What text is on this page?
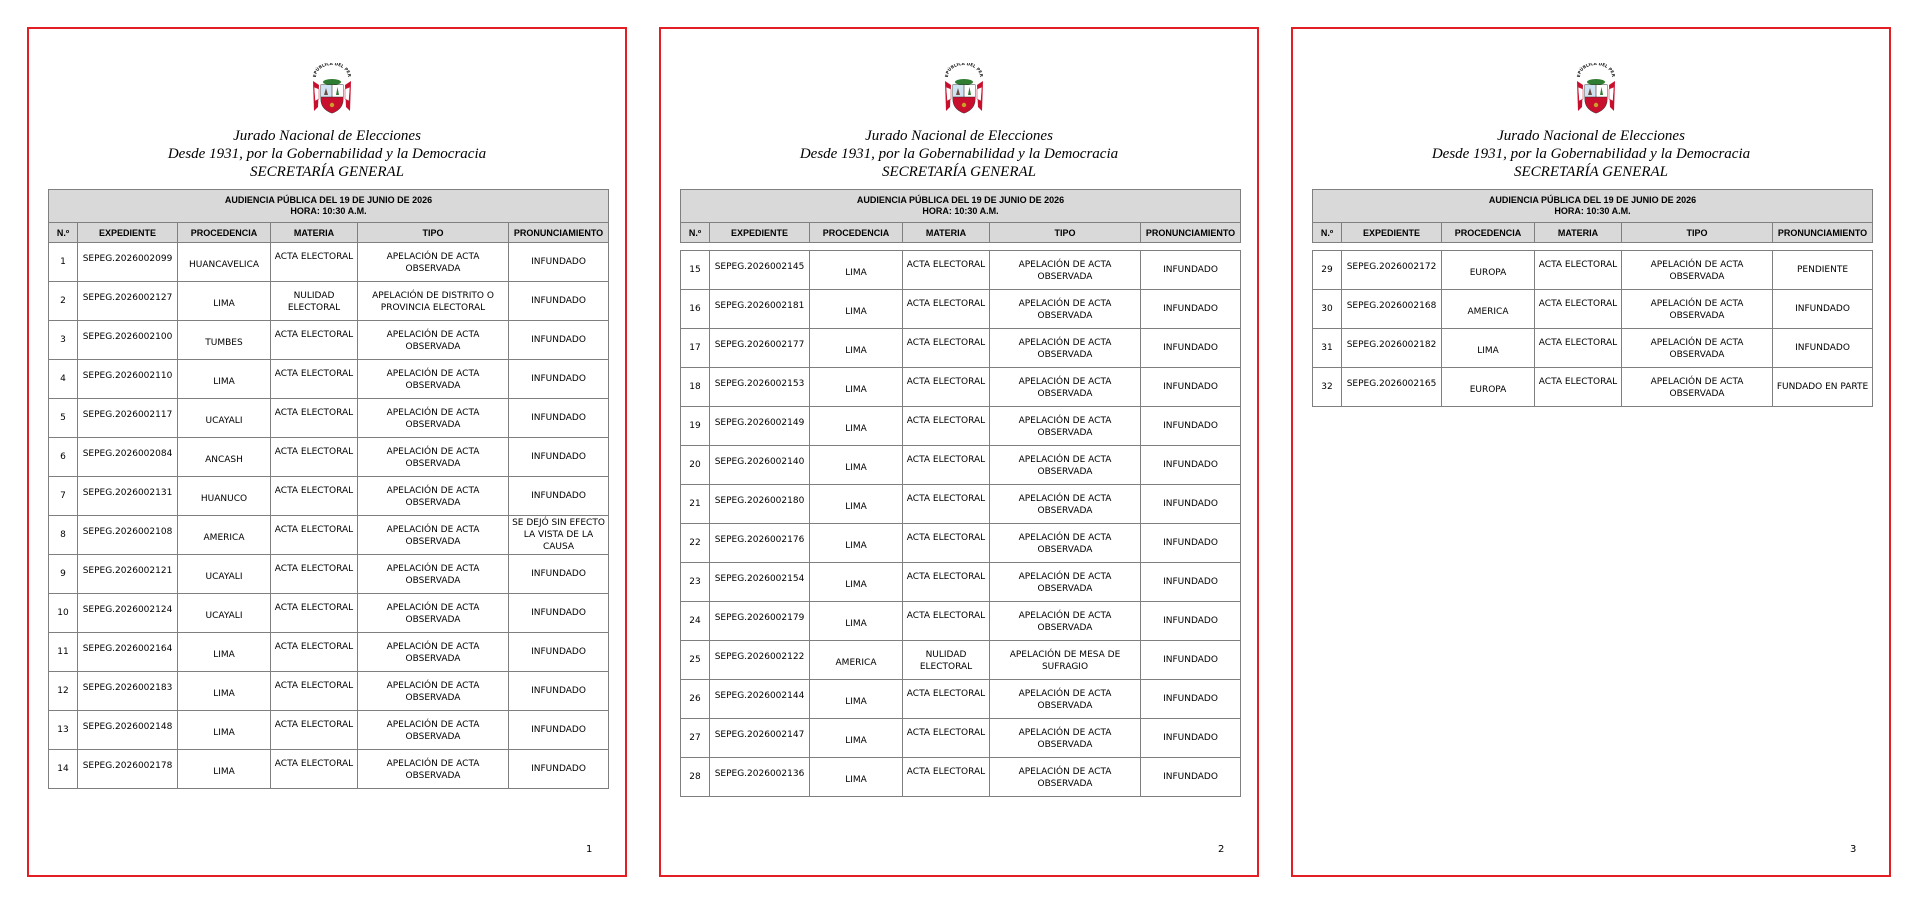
EPÚBLICA DEL PER
Jurado Nacional de Elecciones
Desde 1931, por la Gobernabilidad y la Democracia
SECRETARÍA GENERAL
AUDIENCIA PÚBLICA DEL 19 DE JUNIO DE 2026
HORA: 10:30 A.M.					

N.º	EXPEDIENTE	PROCEDENCIA	MATERIA	TIPO	PRONUNCIAMIENTO
1	SEPEG.2026002099	HUANCAVELICA	ACTA ELECTORAL	APELACIÓN DE ACTA OBSERVADA	INFUNDADO
2	SEPEG.2026002127	LIMA	NULIDAD ELECTORAL	APELACIÓN DE DISTRITO O PROVINCIA ELECTORAL	INFUNDADO
3	SEPEG.2026002100	TUMBES	ACTA ELECTORAL	APELACIÓN DE ACTA OBSERVADA	INFUNDADO
4	SEPEG.2026002110	LIMA	ACTA ELECTORAL	APELACIÓN DE ACTA OBSERVADA	INFUNDADO
5	SEPEG.2026002117	UCAYALI	ACTA ELECTORAL	APELACIÓN DE ACTA OBSERVADA	INFUNDADO
6	SEPEG.2026002084	ANCASH	ACTA ELECTORAL	APELACIÓN DE ACTA OBSERVADA	INFUNDADO
7	SEPEG.2026002131	HUANUCO	ACTA ELECTORAL	APELACIÓN DE ACTA OBSERVADA	INFUNDADO
8	SEPEG.2026002108	AMERICA	ACTA ELECTORAL	APELACIÓN DE ACTA OBSERVADA	SE DEJÓ SIN EFECTO LA VISTA DE LA CAUSA
9	SEPEG.2026002121	UCAYALI	ACTA ELECTORAL	APELACIÓN DE ACTA OBSERVADA	INFUNDADO
10	SEPEG.2026002124	UCAYALI	ACTA ELECTORAL	APELACIÓN DE ACTA OBSERVADA	INFUNDADO
11	SEPEG.2026002164	LIMA	ACTA ELECTORAL	APELACIÓN DE ACTA OBSERVADA	INFUNDADO
12	SEPEG.2026002183	LIMA	ACTA ELECTORAL	APELACIÓN DE ACTA OBSERVADA	INFUNDADO
13	SEPEG.2026002148	LIMA	ACTA ELECTORAL	APELACIÓN DE ACTA OBSERVADA	INFUNDADO
14	SEPEG.2026002178	LIMA	ACTA ELECTORAL	APELACIÓN DE ACTA OBSERVADA	INFUNDADO
1
EPÚBLICA DEL PER
Jurado Nacional de Elecciones
Desde 1931, por la Gobernabilidad y la Democracia
SECRETARÍA GENERAL
AUDIENCIA PÚBLICA DEL 19 DE JUNIO DE 2026
HORA: 10:30 A.M.					

N.º	EXPEDIENTE	PROCEDENCIA	MATERIA	TIPO	PRONUNCIAMIENTO

15	SEPEG.2026002145	LIMA	ACTA ELECTORAL	APELACIÓN DE ACTA OBSERVADA	INFUNDADO
16	SEPEG.2026002181	LIMA	ACTA ELECTORAL	APELACIÓN DE ACTA OBSERVADA	INFUNDADO
17	SEPEG.2026002177	LIMA	ACTA ELECTORAL	APELACIÓN DE ACTA OBSERVADA	INFUNDADO
18	SEPEG.2026002153	LIMA	ACTA ELECTORAL	APELACIÓN DE ACTA OBSERVADA	INFUNDADO
19	SEPEG.2026002149	LIMA	ACTA ELECTORAL	APELACIÓN DE ACTA OBSERVADA	INFUNDADO
20	SEPEG.2026002140	LIMA	ACTA ELECTORAL	APELACIÓN DE ACTA OBSERVADA	INFUNDADO
21	SEPEG.2026002180	LIMA	ACTA ELECTORAL	APELACIÓN DE ACTA OBSERVADA	INFUNDADO
22	SEPEG.2026002176	LIMA	ACTA ELECTORAL	APELACIÓN DE ACTA OBSERVADA	INFUNDADO
23	SEPEG.2026002154	LIMA	ACTA ELECTORAL	APELACIÓN DE ACTA OBSERVADA	INFUNDADO
24	SEPEG.2026002179	LIMA	ACTA ELECTORAL	APELACIÓN DE ACTA OBSERVADA	INFUNDADO
25	SEPEG.2026002122	AMERICA	NULIDAD ELECTORAL	APELACIÓN DE MESA DE SUFRAGIO	INFUNDADO
26	SEPEG.2026002144	LIMA	ACTA ELECTORAL	APELACIÓN DE ACTA OBSERVADA	INFUNDADO
27	SEPEG.2026002147	LIMA	ACTA ELECTORAL	APELACIÓN DE ACTA OBSERVADA	INFUNDADO
28	SEPEG.2026002136	LIMA	ACTA ELECTORAL	APELACIÓN DE ACTA OBSERVADA	INFUNDADO
2
EPÚBLICA DEL PER
Jurado Nacional de Elecciones
Desde 1931, por la Gobernabilidad y la Democracia
SECRETARÍA GENERAL
AUDIENCIA PÚBLICA DEL 19 DE JUNIO DE 2026
HORA: 10:30 A.M.					

N.º	EXPEDIENTE	PROCEDENCIA	MATERIA	TIPO	PRONUNCIAMIENTO

29	SEPEG.2026002172	EUROPA	ACTA ELECTORAL	APELACIÓN DE ACTA OBSERVADA	PENDIENTE
30	SEPEG.2026002168	AMERICA	ACTA ELECTORAL	APELACIÓN DE ACTA OBSERVADA	INFUNDADO
31	SEPEG.2026002182	LIMA	ACTA ELECTORAL	APELACIÓN DE ACTA OBSERVADA	INFUNDADO
32	SEPEG.2026002165	EUROPA	ACTA ELECTORAL	APELACIÓN DE ACTA OBSERVADA	FUNDADO EN PARTE
3
